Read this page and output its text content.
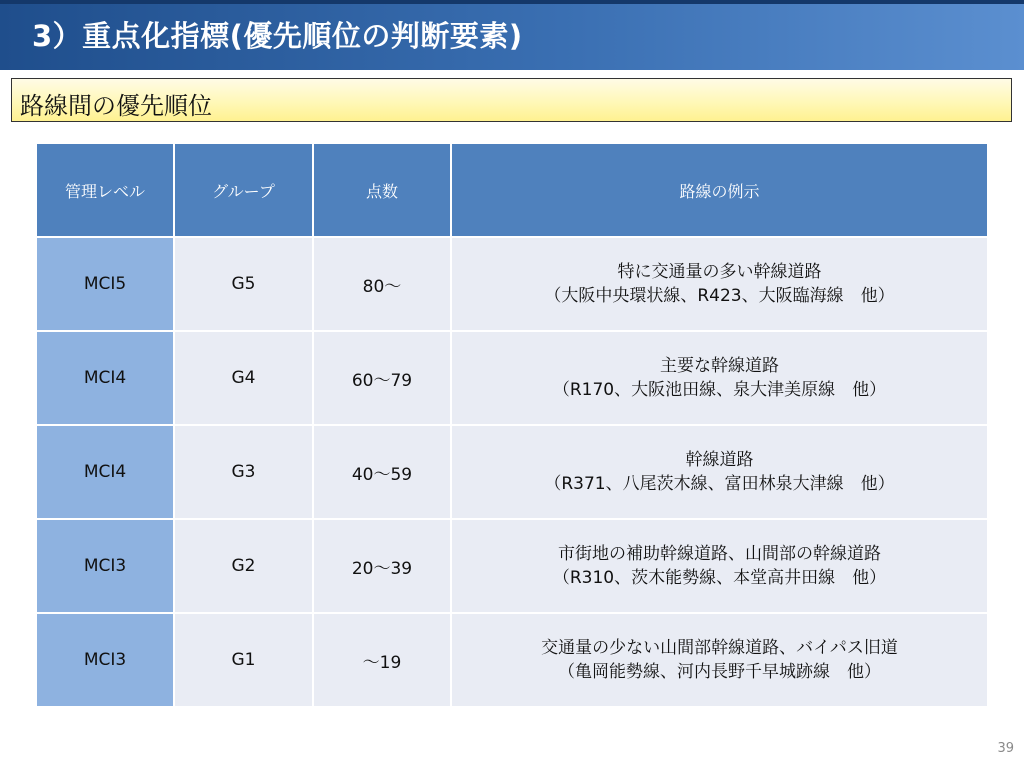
3）重点化指標(優先順位の判断要素)
路線間の優先順位
管理レベル	グループ	点数	路線の例示
MCI5	G5	80～	特に交通量の多い幹線道路
（大阪中央環状線、R423、大阪臨海線　他）

MCI4	G4	60～79	主要な幹線道路
（R170、大阪池田線、泉大津美原線　他）

MCI4	G3	40～59	幹線道路
（R371、八尾茨木線、富田林泉大津線　他）

MCI3	G2	20～39	市街地の補助幹線道路、山間部の幹線道路
（R310、茨木能勢線、本堂高井田線　他）

MCI3	G1	～19	交通量の少ない山間部幹線道路、バイパス旧道
（亀岡能勢線、河内長野千早城跡線　他）
39
